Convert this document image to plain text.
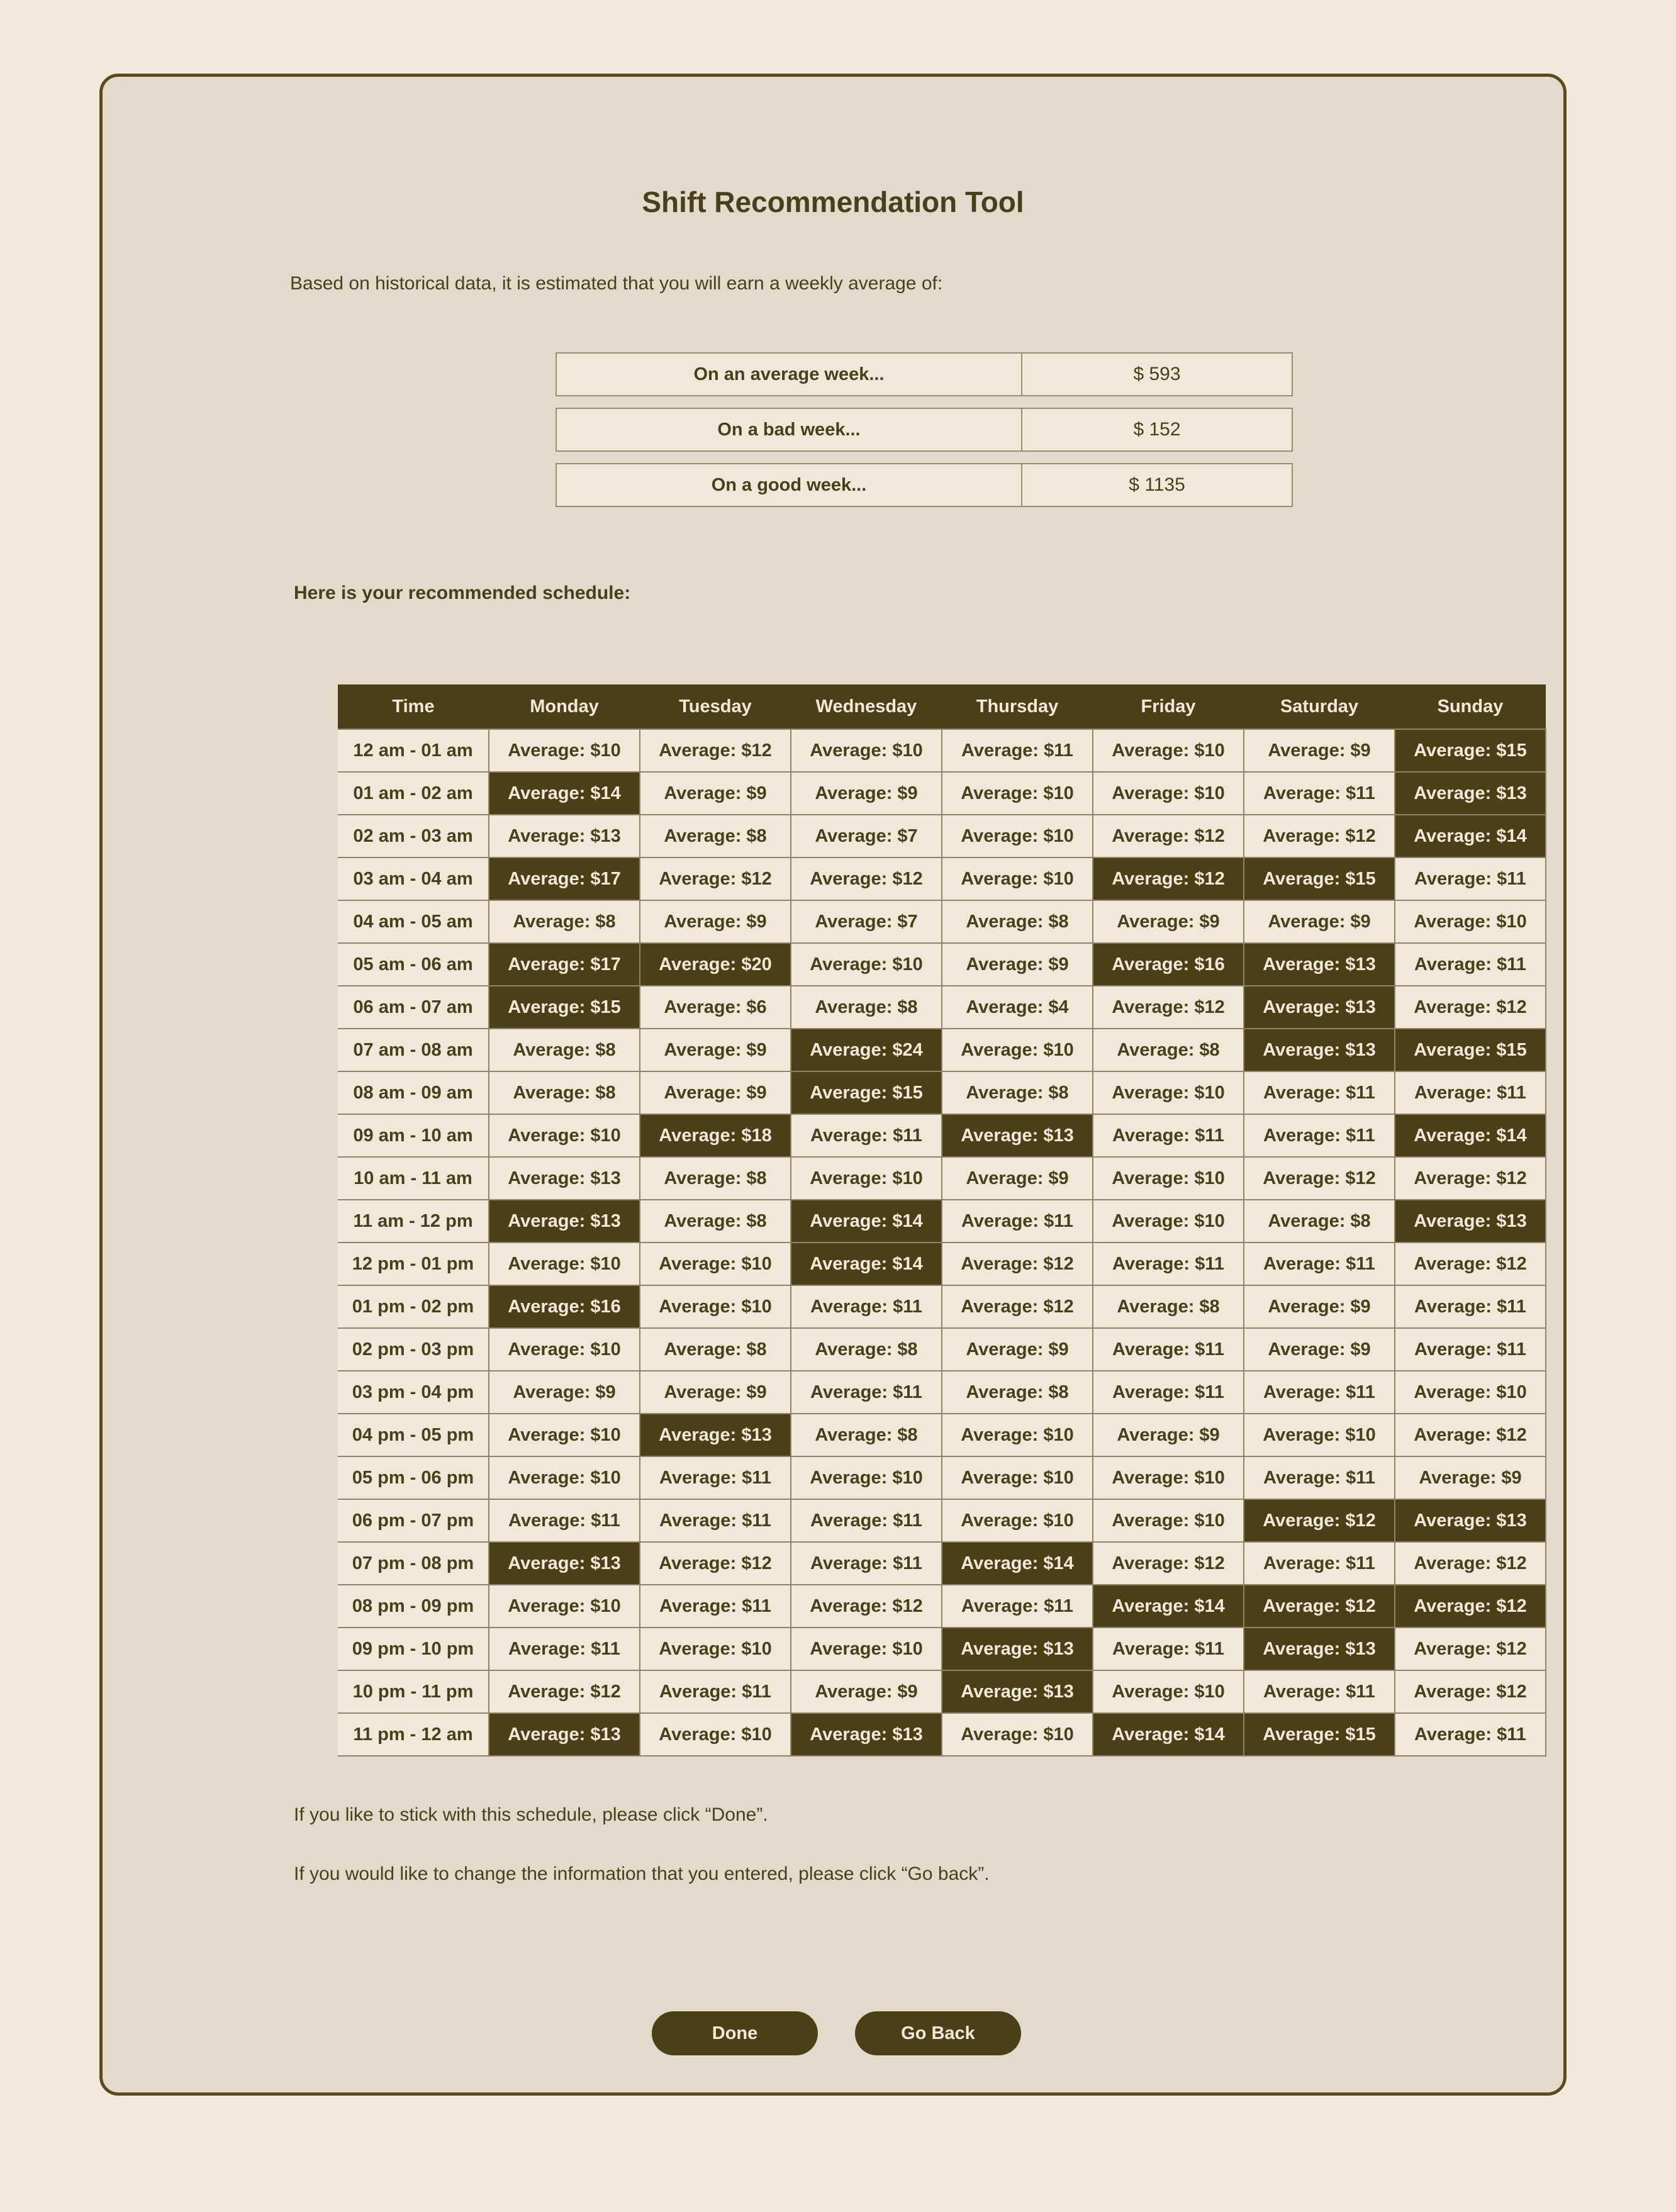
Shift Recommendation Tool
Based on historical data, it is estimated that you will earn a weekly average of:
On an average week...	$ 593
On a bad week...	$ 152
On a good week...	$ 1135
Here is your recommended schedule:
Time	Monday	Tuesday	Wednesday	Thursday	Friday	Saturday	Sunday
12 am - 01 am	Average: $10	Average: $12	Average: $10	Average: $11	Average: $10	Average: $9	Average: $15
01 am - 02 am	Average: $14	Average: $9	Average: $9	Average: $10	Average: $10	Average: $11	Average: $13
02 am - 03 am	Average: $13	Average: $8	Average: $7	Average: $10	Average: $12	Average: $12	Average: $14
03 am - 04 am	Average: $17	Average: $12	Average: $12	Average: $10	Average: $12	Average: $15	Average: $11
04 am - 05 am	Average: $8	Average: $9	Average: $7	Average: $8	Average: $9	Average: $9	Average: $10
05 am - 06 am	Average: $17	Average: $20	Average: $10	Average: $9	Average: $16	Average: $13	Average: $11
06 am - 07 am	Average: $15	Average: $6	Average: $8	Average: $4	Average: $12	Average: $13	Average: $12
07 am - 08 am	Average: $8	Average: $9	Average: $24	Average: $10	Average: $8	Average: $13	Average: $15
08 am - 09 am	Average: $8	Average: $9	Average: $15	Average: $8	Average: $10	Average: $11	Average: $11
09 am - 10 am	Average: $10	Average: $18	Average: $11	Average: $13	Average: $11	Average: $11	Average: $14
10 am - 11 am	Average: $13	Average: $8	Average: $10	Average: $9	Average: $10	Average: $12	Average: $12
11 am - 12 pm	Average: $13	Average: $8	Average: $14	Average: $11	Average: $10	Average: $8	Average: $13
12 pm - 01 pm	Average: $10	Average: $10	Average: $14	Average: $12	Average: $11	Average: $11	Average: $12
01 pm - 02 pm	Average: $16	Average: $10	Average: $11	Average: $12	Average: $8	Average: $9	Average: $11
02 pm - 03 pm	Average: $10	Average: $8	Average: $8	Average: $9	Average: $11	Average: $9	Average: $11
03 pm - 04 pm	Average: $9	Average: $9	Average: $11	Average: $8	Average: $11	Average: $11	Average: $10
04 pm - 05 pm	Average: $10	Average: $13	Average: $8	Average: $10	Average: $9	Average: $10	Average: $12
05 pm - 06 pm	Average: $10	Average: $11	Average: $10	Average: $10	Average: $10	Average: $11	Average: $9
06 pm - 07 pm	Average: $11	Average: $11	Average: $11	Average: $10	Average: $10	Average: $12	Average: $13
07 pm - 08 pm	Average: $13	Average: $12	Average: $11	Average: $14	Average: $12	Average: $11	Average: $12
08 pm - 09 pm	Average: $10	Average: $11	Average: $12	Average: $11	Average: $14	Average: $12	Average: $12
09 pm - 10 pm	Average: $11	Average: $10	Average: $10	Average: $13	Average: $11	Average: $13	Average: $12
10 pm - 11 pm	Average: $12	Average: $11	Average: $9	Average: $13	Average: $10	Average: $11	Average: $12
11 pm - 12 am	Average: $13	Average: $10	Average: $13	Average: $10	Average: $14	Average: $15	Average: $11
If you like to stick with this schedule, please click “Done”.
If you would like to change the information that you entered, please click “Go back”.
Done	Go Back
